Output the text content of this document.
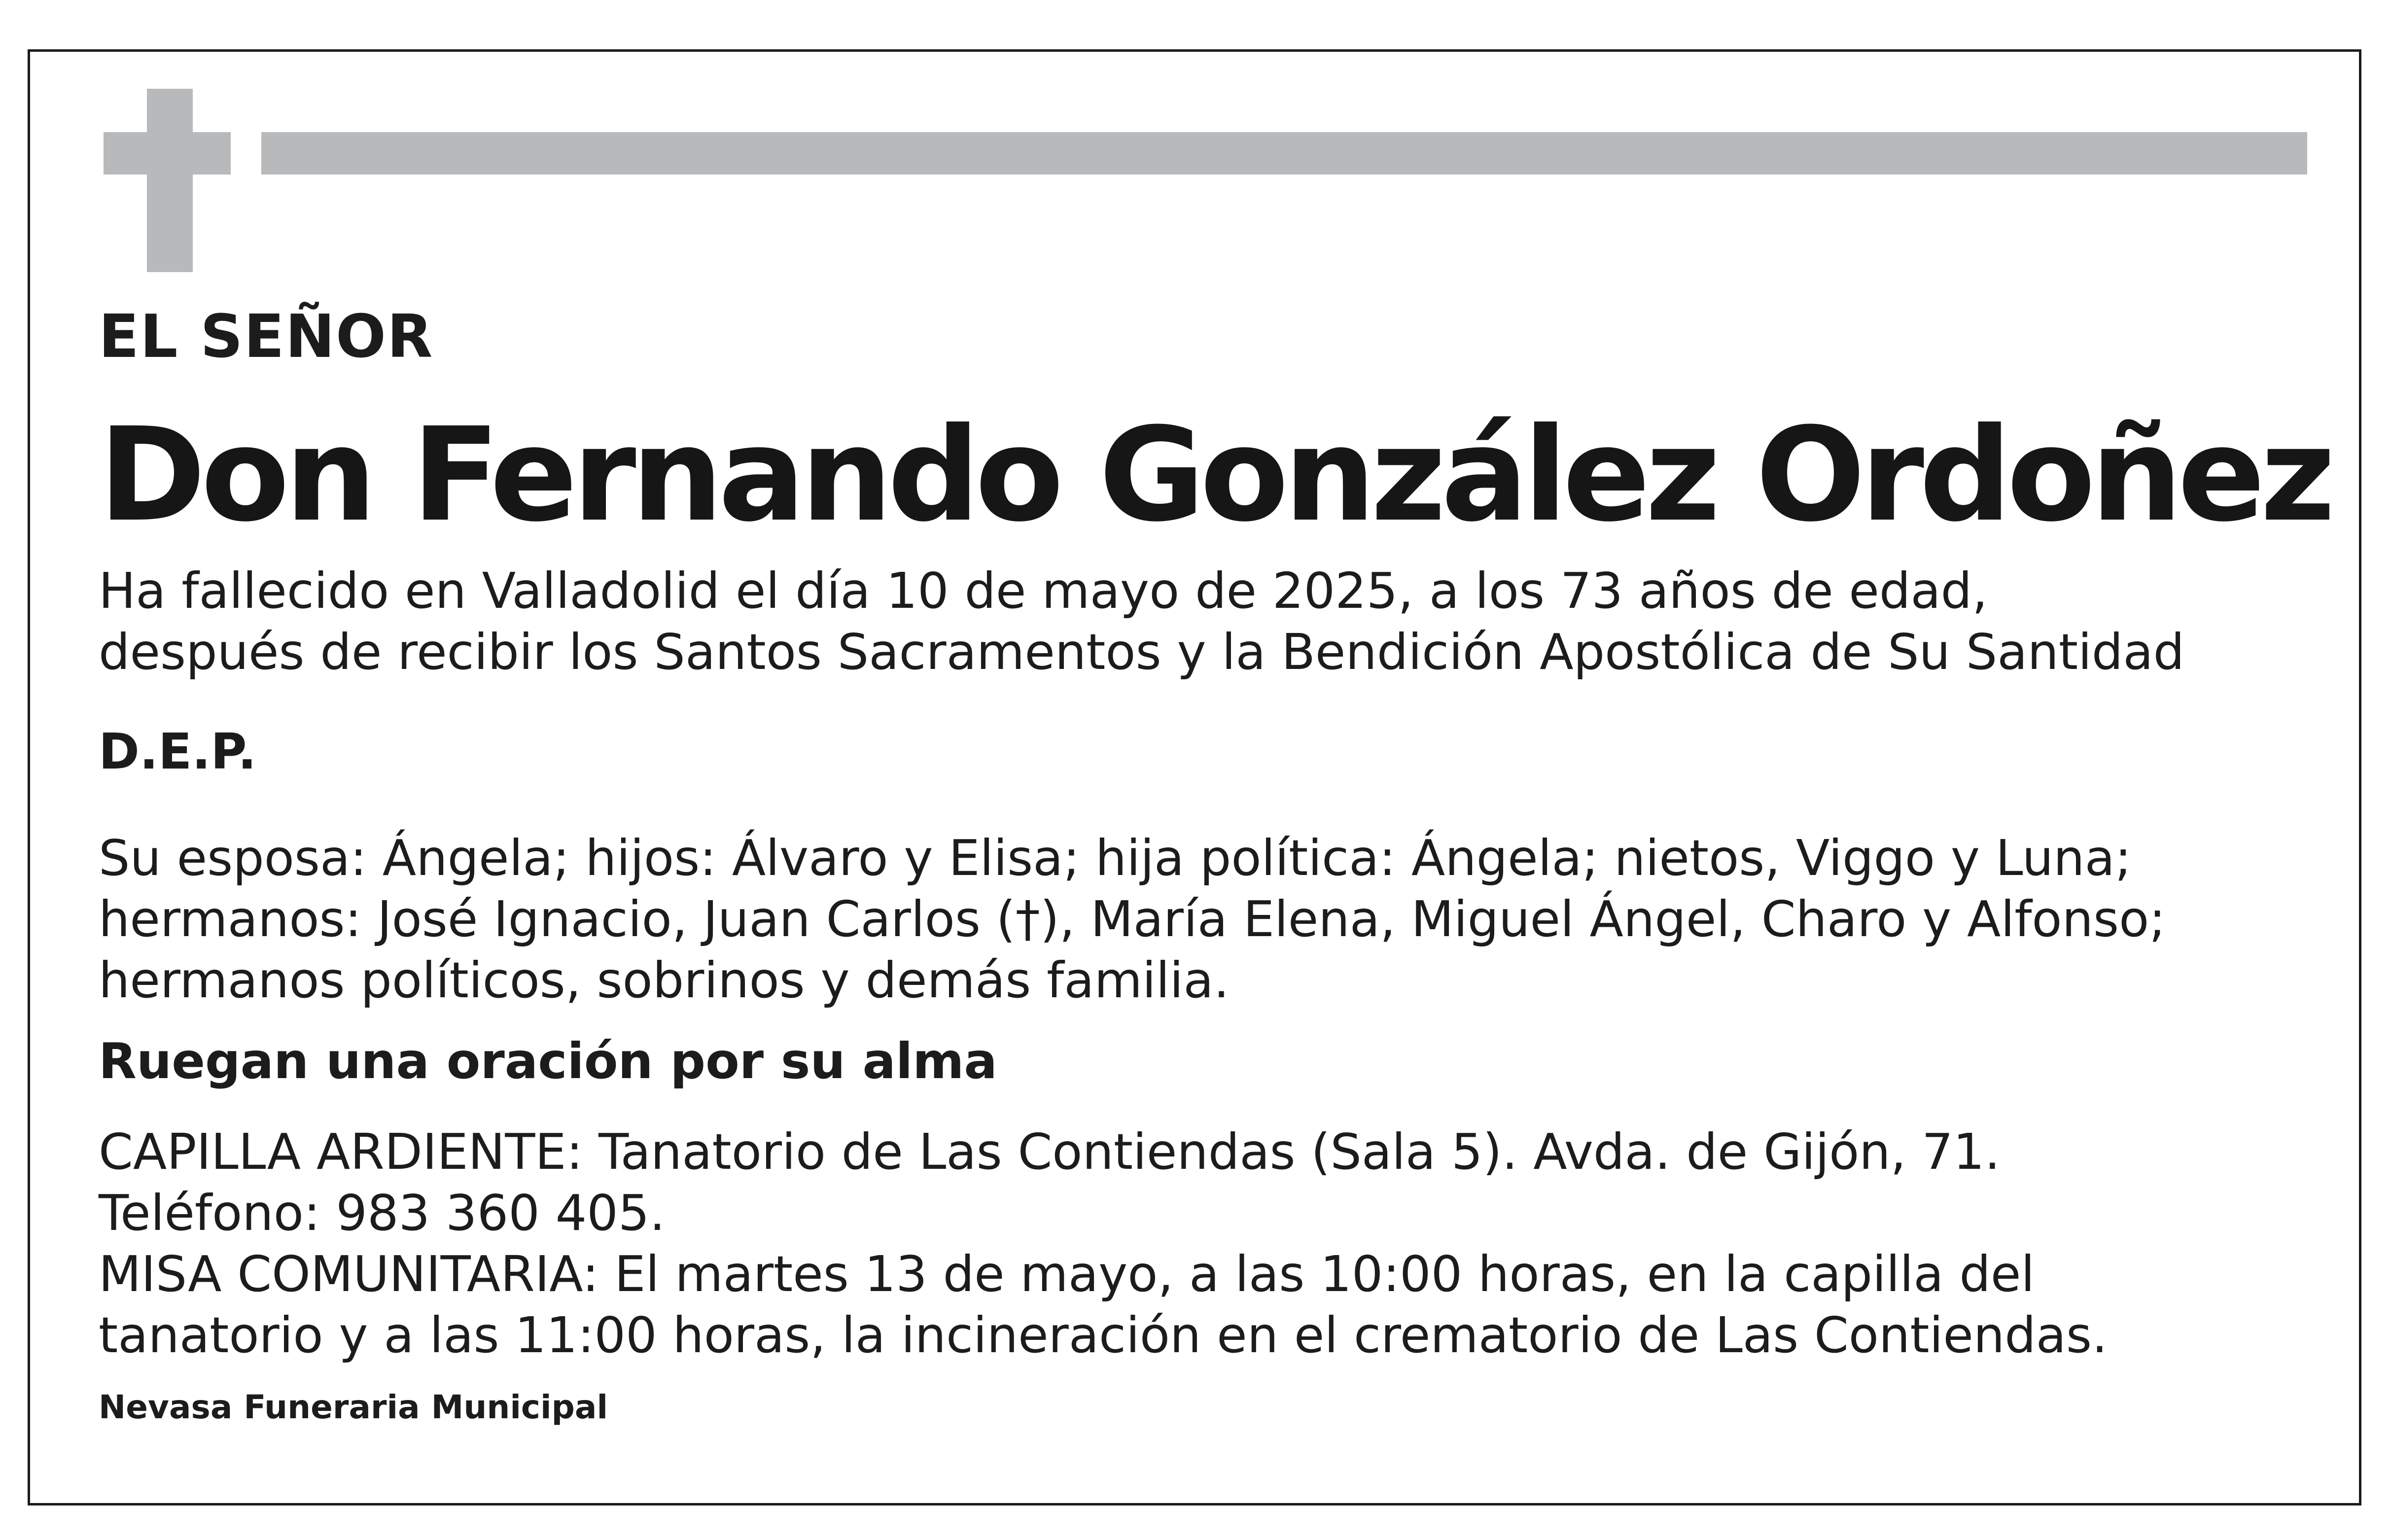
EL SEÑOR

Don Fernando González Ordoñez

Ha fallecido en Valladolid el día 10 de mayo de 2025, a los 73 años de edad,

después de recibir los Santos Sacramentos y la Bendición Apostólica de Su Santidad

D.E.P.

Su esposa: Ángela; hijos: Álvaro y Elisa; hija política: Ángela; nietos, Viggo y Luna;

hermanos: José Ignacio, Juan Carlos (†), María Elena, Miguel Ángel, Charo y Alfonso;

hermanos políticos, sobrinos y demás familia.

Ruegan una oración por su alma

CAPILLA ARDIENTE: Tanatorio de Las Contiendas (Sala 5). Avda. de Gijón, 71.

Teléfono: 983 360 405.

MISA COMUNITARIA: El martes 13 de mayo, a las 10:00 horas, en la capilla del

tanatorio y a las 11:00 horas, la incineración en el crematorio de Las Contiendas.

Nevasa Funeraria Municipal
